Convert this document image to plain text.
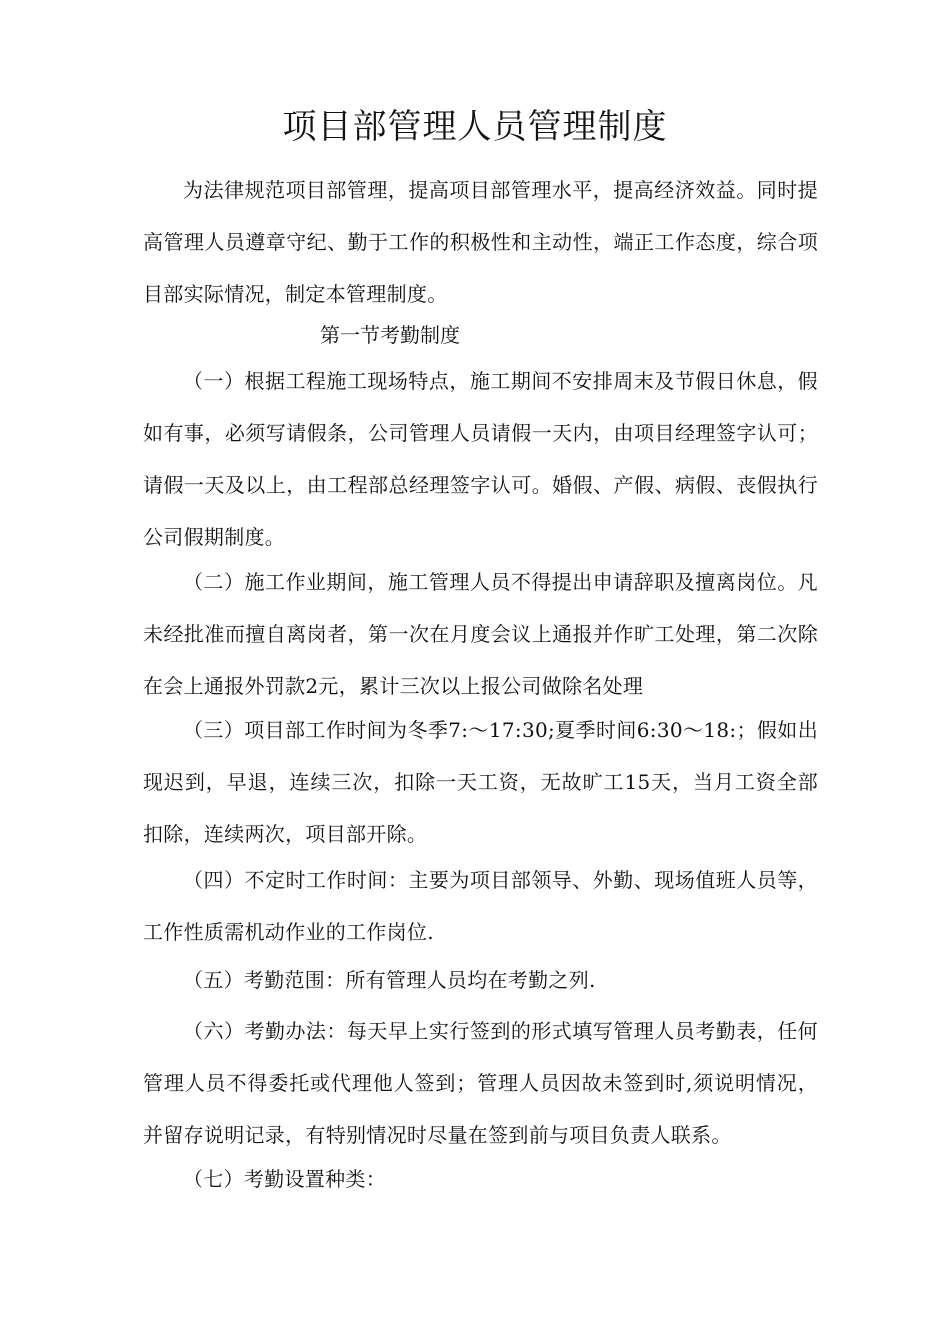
项目部管理人员管理制度

为法律规范项目部管理，提高项目部管理水平，提高经济效益。同时提高管理人员遵章守纪、勤于工作的积极性和主动性，端正工作态度，综合项目部实际情况，制定本管理制度。

第一节考勤制度

（一）根据工程施工现场特点，施工期间不安排周末及节假日休息，假如有事，必须写请假条，公司管理人员请假一天内，由项目经理签字认可；请假一天及以上，由工程部总经理签字认可。婚假、产假、病假、丧假执行公司假期制度。

（二）施工作业期间，施工管理人员不得提出申请辞职及擅离岗位。凡未经批准而擅自离岗者，第一次在月度会议上通报并作旷工处理，第二次除在会上通报外罚款2元，累计三次以上报公司做除名处理

（三）项目部工作时间为冬季7:〜17:30;夏季时间6:30〜18:；假如出现迟到，早退，连续三次，扣除一天工资，无故旷工15天，当月工资全部扣除，连续两次，项目部开除。

（四）不定时工作时间：主要为项目部领导、外勤、现场值班人员等，工作性质需机动作业的工作岗位.

（五）考勤范围：所有管理人员均在考勤之列.

（六）考勤办法：每天早上实行签到的形式填写管理人员考勤表，任何管理人员不得委托或代理他人签到；管理人员因故未签到时,须说明情况，并留存说明记录，有特别情况时尽量在签到前与项目负责人联系。

（七）考勤设置种类：
